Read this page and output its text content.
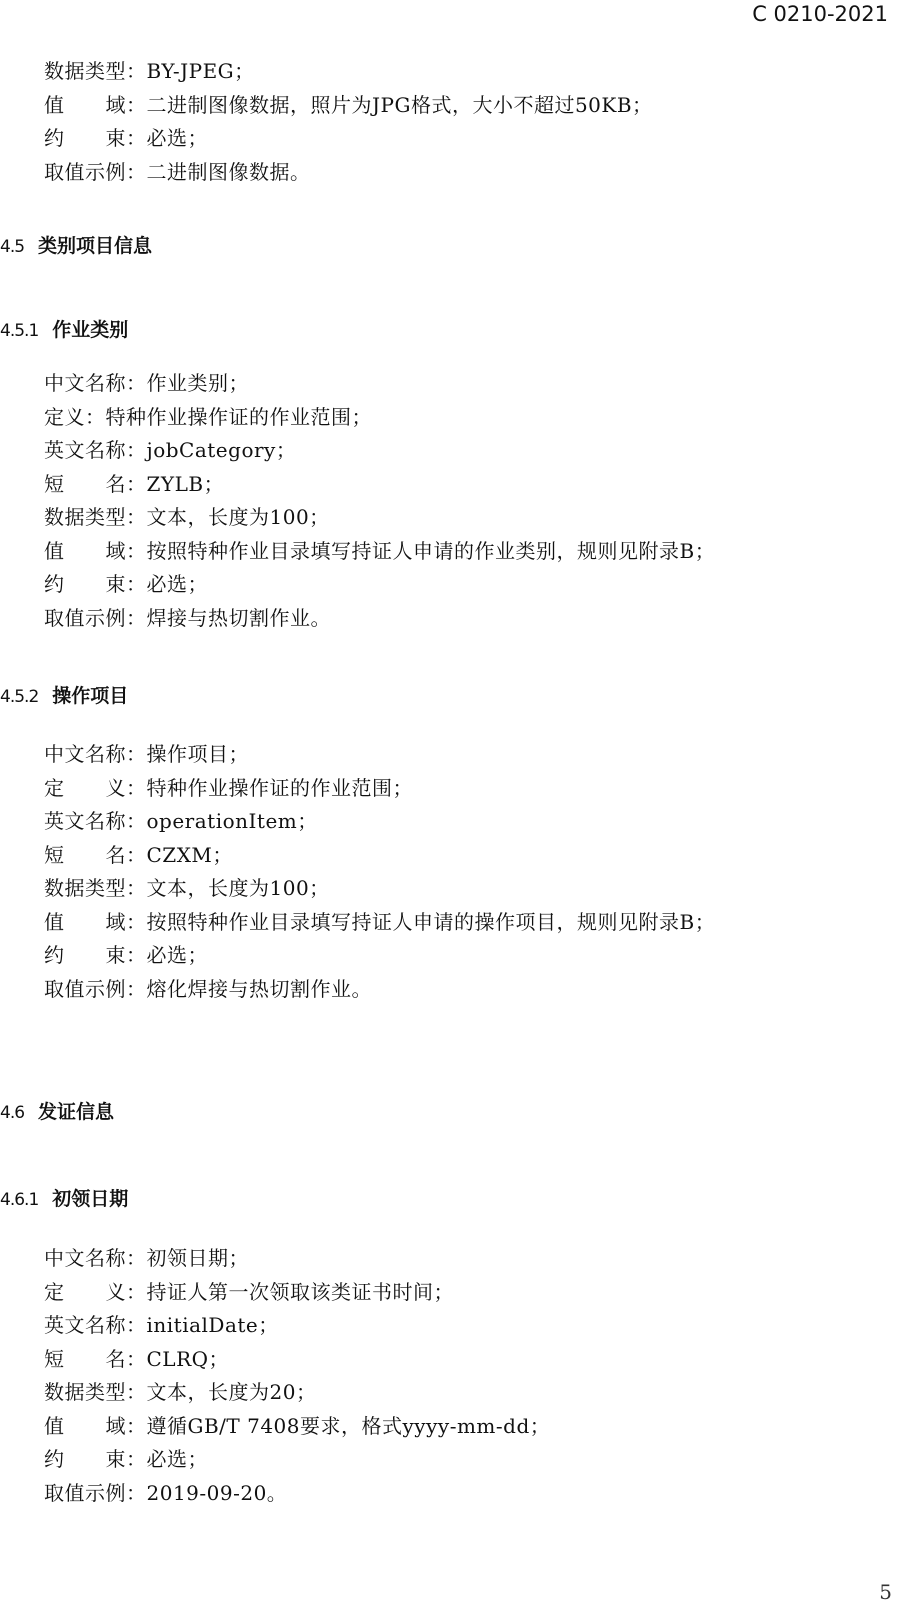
C 0210-2021
数据类型：BY-JPEG；
值　　域：二进制图像数据，照片为JPG格式，大小不超过50KB；
约　　束：必选；
取值示例：二进制图像数据。
4.5 类别项目信息
4.5.1 作业类别
中文名称：作业类别；
定义：特种作业操作证的作业范围；
英文名称：jobCategory；
短　　名：ZYLB；
数据类型：文本，长度为100；
值　　域：按照特种作业目录填写持证人申请的作业类别，规则见附录B；
约　　束：必选；
取值示例：焊接与热切割作业。
4.5.2 操作项目
中文名称：操作项目；
定　　义：特种作业操作证的作业范围；
英文名称：operationItem；
短　　名：CZXM；
数据类型：文本，长度为100；
值　　域：按照特种作业目录填写持证人申请的操作项目，规则见附录B；
约　　束：必选；
取值示例：熔化焊接与热切割作业。
4.6 发证信息
4.6.1 初领日期
中文名称：初领日期；
定　　义：持证人第一次领取该类证书时间；
英文名称：initialDate；
短　　名：CLRQ；
数据类型：文本，长度为20；
值　　域：遵循GB/T 7408要求，格式yyyy-mm-dd；
约　　束：必选；
取值示例：2019-09-20。
5
